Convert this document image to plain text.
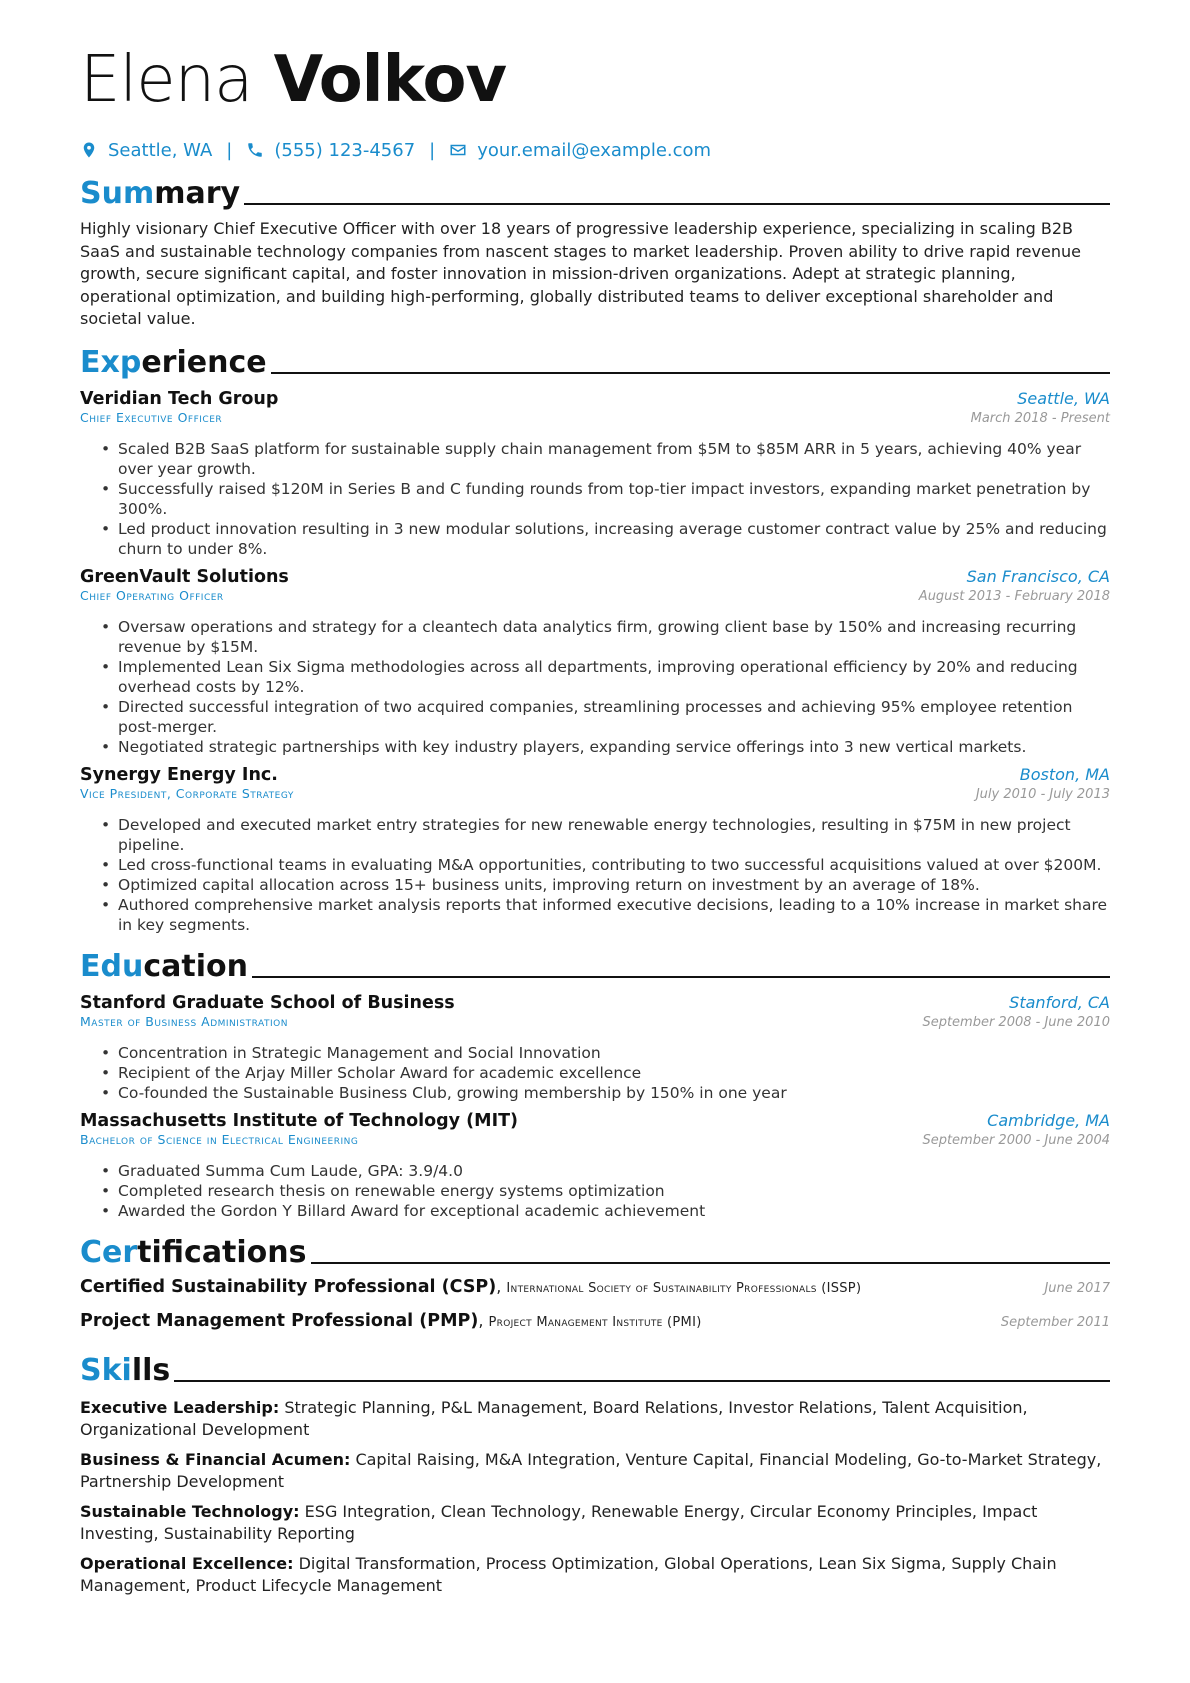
Elena Volkov
Seattle, WA | (555) 123-4567 | your.email@example.com
Summary

Highly visionary Chief Executive Officer with over 18 years of progressive leadership experience, specializing in scaling B2B SaaS and sustainable technology companies from nascent stages to market leadership. Proven ability to drive rapid revenue growth, secure significant capital, and foster innovation in mission-driven organizations. Adept at strategic planning, operational optimization, and building high-performing, globally distributed teams to deliver exceptional shareholder and societal value.

Experience
Veridian Tech Group	Seattle, WA
Chief Executive Officer	March 2018 - Present
• Scaled B2B SaaS platform for sustainable supply chain management from $5M to $85M ARR in 5 years, achieving 40% year over year growth.
• Successfully raised $120M in Series B and C funding rounds from top-tier impact investors, expanding market penetration by 300%.
• Led product innovation resulting in 3 new modular solutions, increasing average customer contract value by 25% and reducing churn to under 8%.
GreenVault Solutions	San Francisco, CA
Chief Operating Officer	August 2013 - February 2018
• Oversaw operations and strategy for a cleantech data analytics firm, growing client base by 150% and increasing recurring revenue by $15M.
• Implemented Lean Six Sigma methodologies across all departments, improving operational efficiency by 20% and reducing overhead costs by 12%.
• Directed successful integration of two acquired companies, streamlining processes and achieving 95% employee retention post-merger.
• Negotiated strategic partnerships with key industry players, expanding service offerings into 3 new vertical markets.
Synergy Energy Inc.	Boston, MA
Vice President, Corporate Strategy	July 2010 - July 2013
• Developed and executed market entry strategies for new renewable energy technologies, resulting in $75M in new project pipeline.
• Led cross-functional teams in evaluating M&A opportunities, contributing to two successful acquisitions valued at over $200M.
• Optimized capital allocation across 15+ business units, improving return on investment by an average of 18%.
• Authored comprehensive market analysis reports that informed executive decisions, leading to a 10% increase in market share in key segments.
Education
Stanford Graduate School of Business	Stanford, CA
Master of Business Administration	September 2008 - June 2010
• Concentration in Strategic Management and Social Innovation
• Recipient of the Arjay Miller Scholar Award for academic excellence
• Co-founded the Sustainable Business Club, growing membership by 150% in one year
Massachusetts Institute of Technology (MIT)	Cambridge, MA
Bachelor of Science in Electrical Engineering	September 2000 - June 2004
• Graduated Summa Cum Laude, GPA: 3.9/4.0
• Completed research thesis on renewable energy systems optimization
• Awarded the Gordon Y Billard Award for exceptional academic achievement
Certifications
Certified Sustainability Professional (CSP), International Society of Sustainability Professionals (ISSP)	June 2017
Project Management Professional (PMP), Project Management Institute (PMI)	September 2011
Skills
Executive Leadership: Strategic Planning, P&L Management, Board Relations, Investor Relations, Talent Acquisition, Organizational Development
Business & Financial Acumen: Capital Raising, M&A Integration, Venture Capital, Financial Modeling, Go-to-Market Strategy, Partnership Development
Sustainable Technology: ESG Integration, Clean Technology, Renewable Energy, Circular Economy Principles, Impact Investing, Sustainability Reporting
Operational Excellence: Digital Transformation, Process Optimization, Global Operations, Lean Six Sigma, Supply Chain Management, Product Lifecycle Management
